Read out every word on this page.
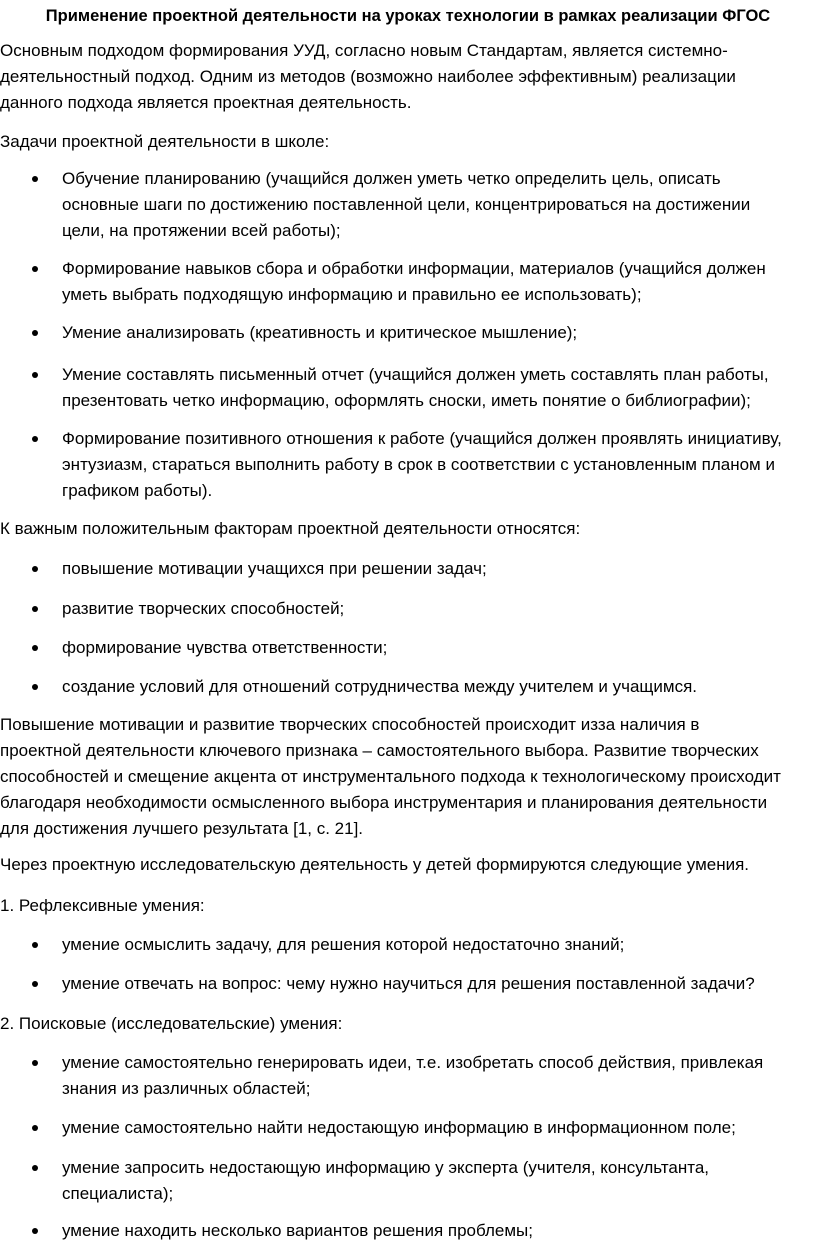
Применение проектной деятельности на уроках технологии в рамках реализации ФГОС
Основным подходом формирования УУД, согласно новым Стандартам, является системно-
деятельностный подход. Одним из методов (возможно наиболее эффективным) реализации
данного подхода является проектная деятельность.
Задачи проектной деятельности в школе:
Обучение планированию (учащийся должен уметь четко определить цель, описать
основные шаги по достижению поставленной цели, концентрироваться на достижении
цели, на протяжении всей работы);
Формирование навыков сбора и обработки информации, материалов (учащийся должен
уметь выбрать подходящую информацию и правильно ее использовать);
Умение анализировать (креативность и критическое мышление);
Умение составлять письменный отчет (учащийся должен уметь составлять план работы,
презентовать четко информацию, оформлять сноски, иметь понятие о библиографии);
Формирование позитивного отношения к работе (учащийся должен проявлять инициативу,
энтузиазм, стараться выполнить работу в срок в соответствии с установленным планом и
графиком работы).
К важным положительным факторам проектной деятельности относятся:
повышение мотивации учащихся при решении задач;
развитие творческих способностей;
формирование чувства ответственности;
создание условий для отношений сотрудничества между учителем и учащимся.
Повышение мотивации и развитие творческих способностей происходит изза наличия в
проектной деятельности ключевого признака – самостоятельного выбора. Развитие творческих
способностей и смещение акцента от инструментального подхода к технологическому происходит
благодаря необходимости осмысленного выбора инструментария и планирования деятельности
для достижения лучшего результата [1, с. 21].
Через проектную исследовательскую деятельность у детей формируются следующие умения.
1. Рефлексивные умения:
умение осмыслить задачу, для решения которой недостаточно знаний;
умение отвечать на вопрос: чему нужно научиться для решения поставленной задачи?
2. Поисковые (исследовательские) умения:
умение самостоятельно генерировать идеи, т.е. изобретать способ действия, привлекая
знания из различных областей;
умение самостоятельно найти недостающую информацию в информационном поле;
умение запросить недостающую информацию у эксперта (учителя, консультанта,
специалиста);
умение находить несколько вариантов решения проблемы;
